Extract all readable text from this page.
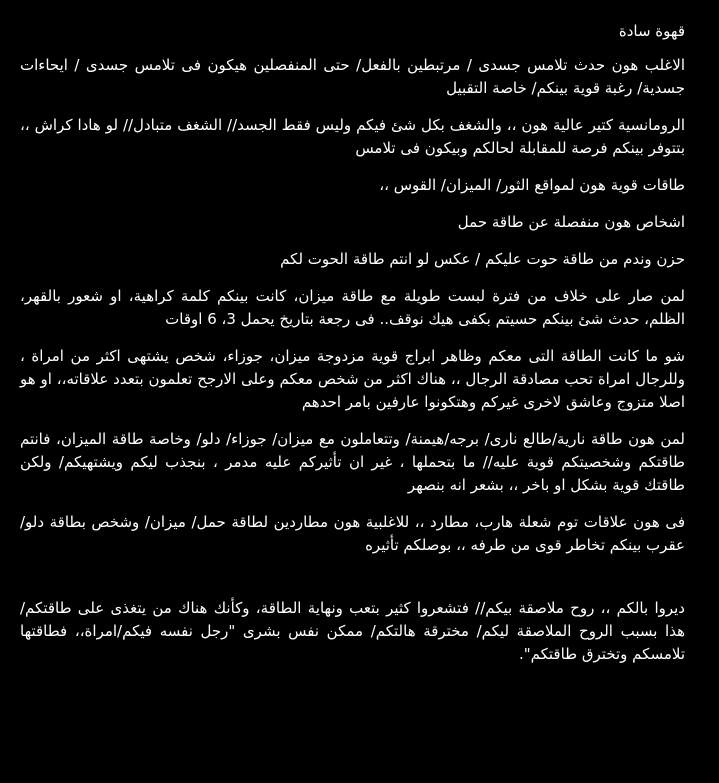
قهوة سادة

الاغلب هون حدث تلامس جسدى / مرتبطين بالفعل/ حتى المنفصلين هيكون فى تلامس جسدى / ايحاءات جسدية/ رغبة قوية بينكم/ خاصة التقبيل

الرومانسية كتير عالية هون ،، والشغف بكل شئ فيكم وليس فقط الجسد// الشغف متبادل// لو هادا كراش ،، بتتوفر بينكم فرصة للمقابلة لحالكم وبيكون فى تلامس

طاقات قوية هون لمواقع الثور/ الميزان/ القوس ،،

اشخاص هون منفصلة عن طاقة حمل

حزن وندم من طاقة حوت عليكم / عكس لو انتم طاقة الحوت لكم

لمن صار على خلاف من فترة لبست طويلة مع طاقة ميزان، كانت بينكم كلمة كراهية، او شعور بالقهر، الظلم، حدث شئ بينكم حسيتم بكفى هيك نوقف.. فى رجعة بتاريخ يحمل 3، 6 اوقات

شو ما كانت الطاقة التى معكم وظاهر ابراج قوية مزدوجة ميزان، جوزاء، شخص يشتهى اكثر من امراة ، وللرجال امراة تحب مصادقة الرجال ،، هناك اكثر من شخص معكم وعلى الارجح تعلمون بتعدد علاقاته،، او هو اصلا متزوج وعاشق لاخرى غيركم وهتكونوا عارفين بامر احدهم

لمن هون طاقة نارية/طالع نارى/ برجه/هيمنة/ وتتعاملون مع ميزان/ جوزاء/ دلو/ وخاصة طاقة الميزان، فانتم طاقتكم وشخصيتكم قوية عليه// ما بتحملها ، غير ان تأثيركم عليه مدمر ، بنجذب ليكم ويشتهيكم/ ولكن طاقتك قوية بشكل او باخر ،، بشعر انه بنصهر

فى هون علاقات توم شعلة هارب، مطارد ،، للاغلبية هون مطاردين لطاقة حمل/ ميزان/ وشخص بطاقة دلو/ عقرب بينكم تخاطر قوى من طرفه ،، بوصلكم تأثيره

ديروا بالكم ،، روح ملاصقة بيكم// فتشعروا كثير بتعب ونهاية الطاقة، وكأنك هناك من يتغذى على طاقتكم/ هذا بسبب الروح الملاصقة ليكم/ مخترقة هالتكم/ ممكن نفس بشرى "رجل نفسه فيكم/امراة،، فطاقتها تلامسكم وتخترق طاقتكم".
